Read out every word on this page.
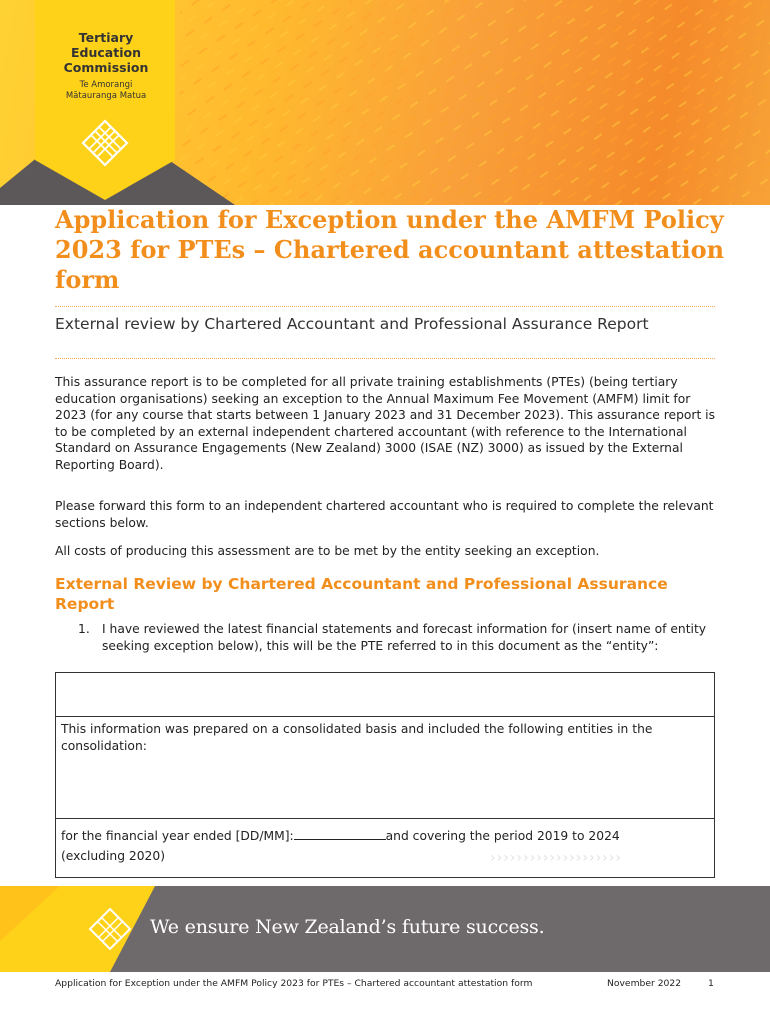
Tertiary
Education
Commission
Te Amorangi
Mātauranga Matua
Application for Exception under the AMFM Policy 2023 for PTEs – Chartered accountant attestation form
External review by Chartered Accountant and Professional Assurance Report
This assurance report is to be completed for all private training establishments (PTEs) (being tertiary education organisations) seeking an exception to the Annual Maximum Fee Movement (AMFM) limit for 2023 (for any course that starts between 1 January 2023 and 31 December 2023). This assurance report is to be completed by an external independent chartered accountant (with reference to the International Standard on Assurance Engagements (New Zealand) 3000 (ISAE (NZ) 3000) as issued by the External Reporting Board).
Please forward this form to an independent chartered accountant who is required to complete the relevant sections below.
All costs of producing this assessment are to be met by the entity seeking an exception.
External Review by Chartered Accountant and Professional Assurance Report
1. I have reviewed the latest financial statements and forecast information for (insert name of entity seeking exception below), this will be the PTE referred to in this document as the “entity”:
This information was prepared on a consolidated basis and included the following entities in the consolidation:
for the financial year ended [DD/MM]:	and covering the period 2019 to 2024
(excluding 2020)	››››››››››››››››››››
We ensure New Zealand’s future success.
Application for Exception under the AMFM Policy 2023 for PTEs – Chartered accountant attestation form	November 2022	1
